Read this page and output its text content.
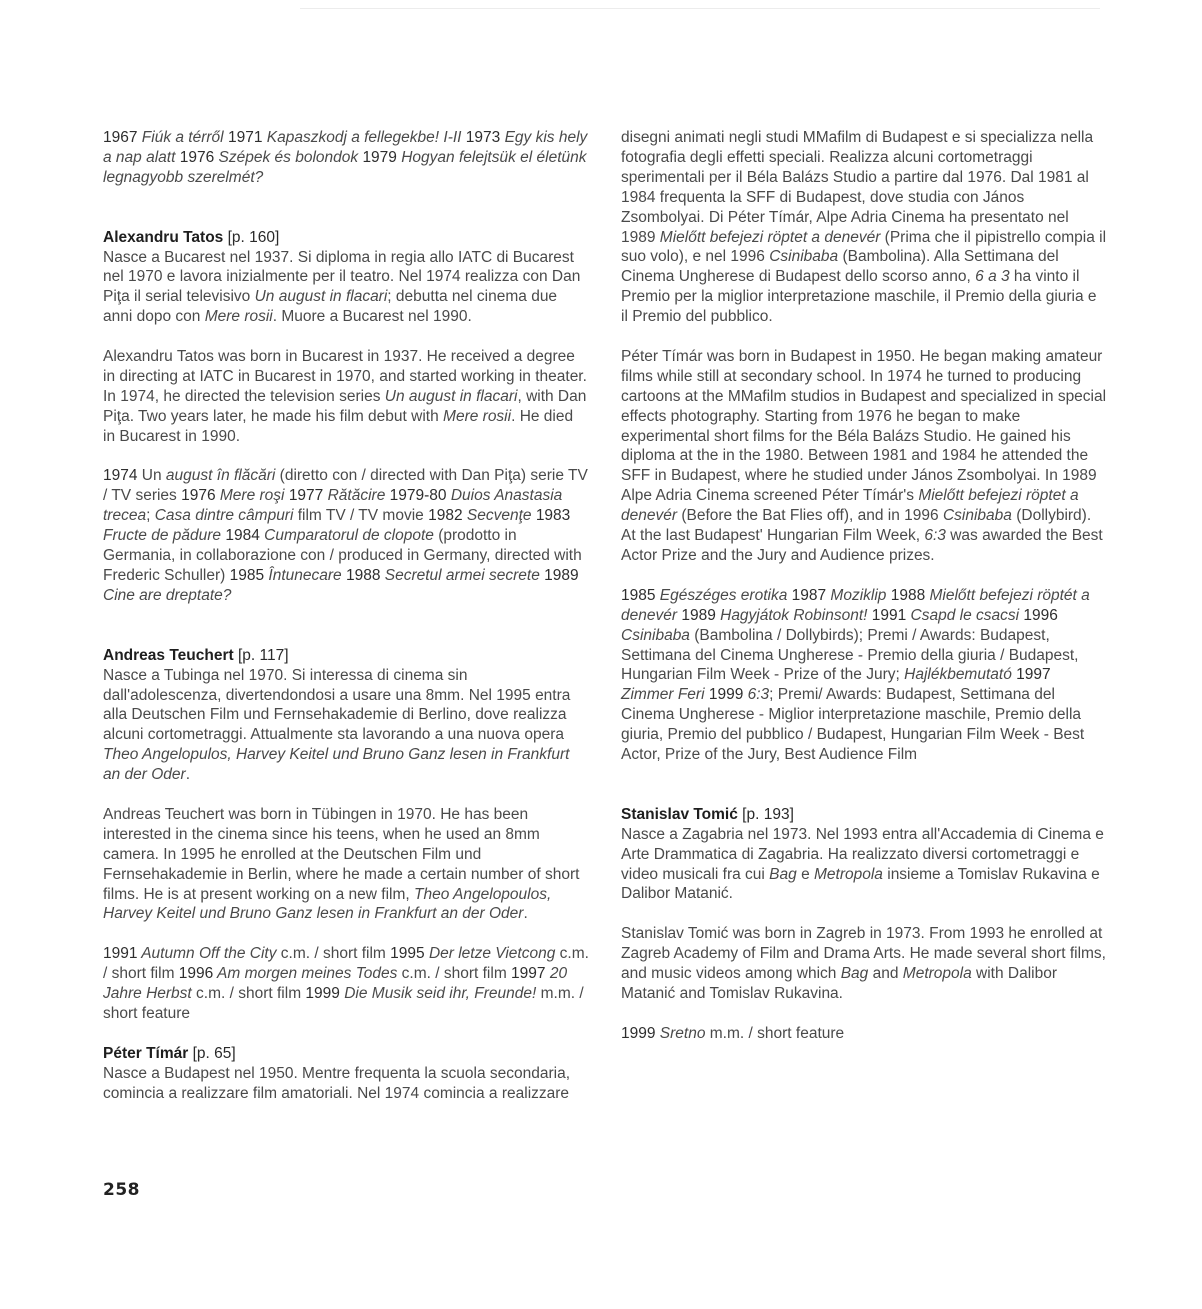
1967 Fiúk a térről 1971 Kapaszkodj a fellegekbe! I-II 1973 Egy kis hely a nap alatt 1976 Szépek és bolondok 1979 Hogyan felejtsük el életünk legnagyobb szerelmét?

Alexandru Tatos [p. 160]

Nasce a Bucarest nel 1937. Si diploma in regia allo IATC di Bucarest nel 1970 e lavora inizialmente per il teatro. Nel 1974 realizza con Dan Piţa il serial televisivo Un august in flacari; debutta nel cinema due anni dopo con Mere rosii. Muore a Bucarest nel 1990.

Alexandru Tatos was born in Bucarest in 1937. He received a degree in directing at IATC in Bucarest in 1970, and started working in theater. In 1974, he directed the television series Un august in flacari, with Dan Piţa. Two years later, he made his film debut with Mere rosii. He died in Bucarest in 1990.

1974 Un august în flăcări (diretto con / directed with Dan Piţa) serie TV / TV series 1976 Mere roşi 1977 Rătăcire 1979-80 Duios Anastasia trecea; Casa dintre câmpuri film TV / TV movie 1982 Secvenţe 1983 Fructe de pădure 1984 Cumparatorul de clopote (prodotto in Germania, in collaborazione con / produced in Germany, directed with Frederic Schuller) 1985 Întunecare 1988 Secretul armei secrete 1989 Cine are dreptate?

Andreas Teuchert [p. 117]

Nasce a Tubinga nel 1970. Si interessa di cinema sin dall'adolescenza, divertendondosi a usare una 8mm. Nel 1995 entra alla Deutschen Film und Fernsehakademie di Berlino, dove realizza alcuni cortometraggi. Attualmente sta lavorando a una nuova opera Theo Angelopulos, Harvey Keitel und Bruno Ganz lesen in Frankfurt an der Oder.

Andreas Teuchert was born in Tübingen in 1970. He has been interested in the cinema since his teens, when he used an 8mm camera. In 1995 he enrolled at the Deutschen Film und Fernsehakademie in Berlin, where he made a certain number of short films. He is at present working on a new film, Theo Angelopoulos, Harvey Keitel und Bruno Ganz lesen in Frankfurt an der Oder.

1991 Autumn Off the City c.m. / short film 1995 Der letze Vietcong c.m. / short film 1996 Am morgen meines Todes c.m. / short film 1997 20 Jahre Herbst c.m. / short film 1999 Die Musik seid ihr, Freunde! m.m. / short feature

Péter Tímár [p. 65]

Nasce a Budapest nel 1950. Mentre frequenta la scuola secondaria, comincia a realizzare film amatoriali. Nel 1974 comincia a realizzare

disegni animati negli studi MMafilm di Budapest e si specializza nella fotografia degli effetti speciali. Realizza alcuni cortometraggi sperimentali per il Béla Balázs Studio a partire dal 1976. Dal 1981 al 1984 frequenta la SFF di Budapest, dove studia con János Zsombolyai. Di Péter Tímár, Alpe Adria Cinema ha presentato nel 1989 Mielőtt befejezi röptet a denevér (Prima che il pipistrello compia il suo volo), e nel 1996 Csinibaba (Bambolina). Alla Settimana del Cinema Ungherese di Budapest dello scorso anno, 6 a 3 ha vinto il Premio per la miglior interpretazione maschile, il Premio della giuria e il Premio del pubblico.

Péter Tímár was born in Budapest in 1950. He began making amateur films while still at secondary school. In 1974 he turned to producing cartoons at the MMafilm studios in Budapest and specialized in special effects photography. Starting from 1976 he began to make experimental short films for the Béla Balázs Studio. He gained his diploma at the in the 1980. Between 1981 and 1984 he attended the SFF in Budapest, where he studied under János Zsombolyai. In 1989 Alpe Adria Cinema screened Péter Tímár's Mielőtt befejezi röptet a denevér (Before the Bat Flies off), and in 1996 Csinibaba (Dollybird). At the last Budapest' Hungarian Film Week, 6:3 was awarded the Best Actor Prize and the Jury and Audience prizes.

1985 Egészéges erotika 1987 Moziklip 1988 Mielőtt befejezi röptét a denevér 1989 Hagyjátok Robinsont! 1991 Csapd le csacsi 1996 Csinibaba (Bambolina / Dollybirds); Premi / Awards: Budapest, Settimana del Cinema Ungherese - Premio della giuria / Budapest, Hungarian Film Week - Prize of the Jury; Hajlékbemutató 1997 Zimmer Feri 1999 6:3; Premi/ Awards: Budapest, Settimana del Cinema Ungherese - Miglior interpretazione maschile, Premio della giuria, Premio del pubblico / Budapest, Hungarian Film Week - Best Actor, Prize of the Jury, Best Audience Film

Stanislav Tomić [p. 193]

Nasce a Zagabria nel 1973. Nel 1993 entra all'Accademia di Cinema e Arte Drammatica di Zagabria. Ha realizzato diversi cortometraggi e video musicali fra cui Bag e Metropola insieme a Tomislav Rukavina e Dalibor Matanić.

Stanislav Tomić was born in Zagreb in 1973. From 1993 he enrolled at Zagreb Academy of Film and Drama Arts. He made several short films, and music videos among which Bag and Metropola with Dalibor Matanić and Tomislav Rukavina.

1999 Sretno m.m. / short feature

258
